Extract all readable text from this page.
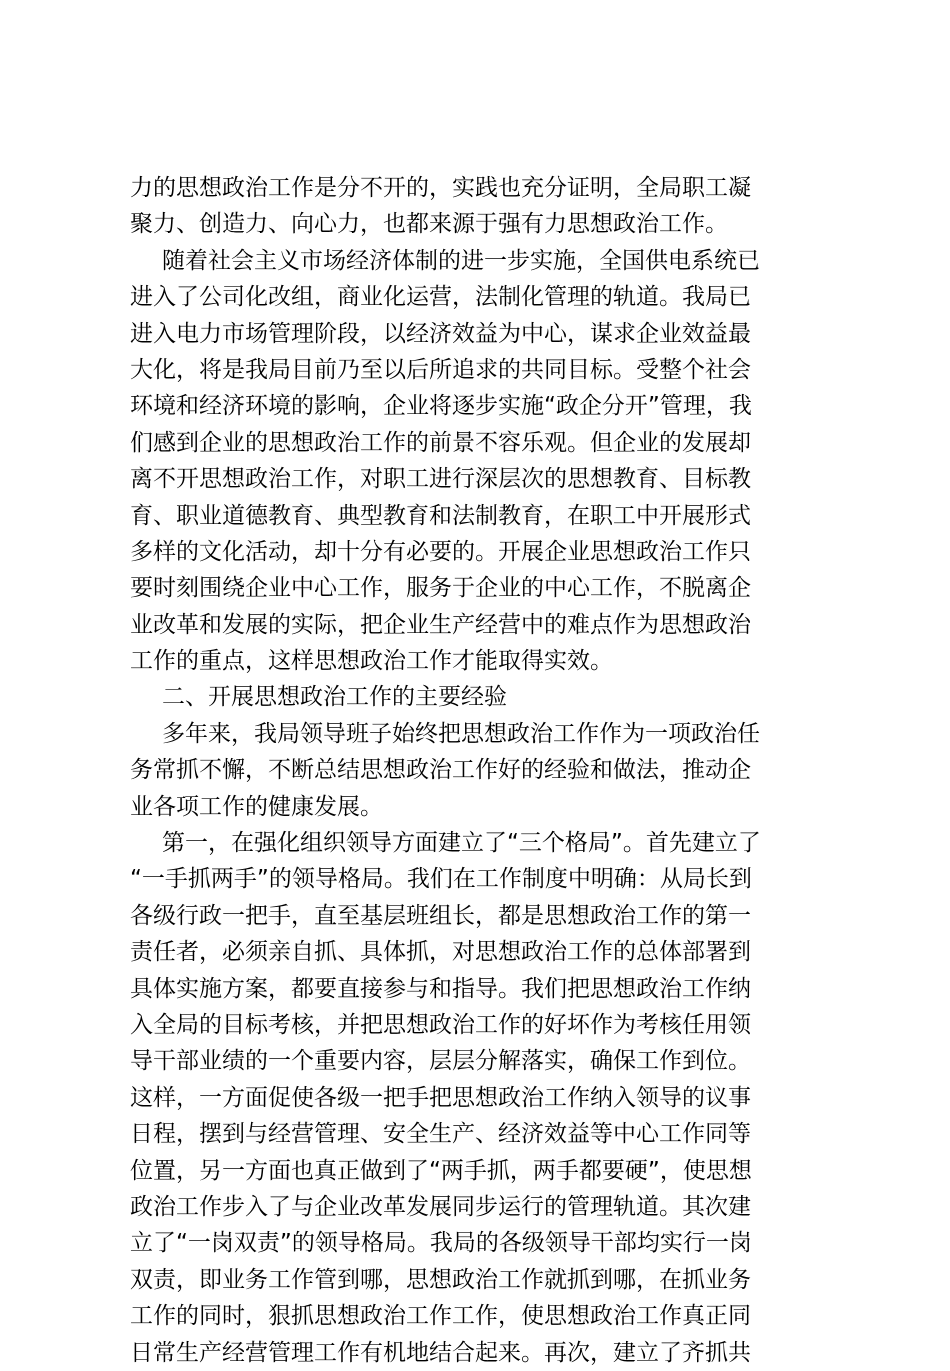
力的思想政治工作是分不开的，实践也充分证明，全局职工凝
聚力、创造力、向心力，也都来源于强有力思想政治工作。
随着社会主义市场经济体制的进一步实施，全国供电系统已
进入了公司化改组，商业化运营，法制化管理的轨道。我局已
进入电力市场管理阶段，以经济效益为中心，谋求企业效益最
大化，将是我局目前乃至以后所追求的共同目标。受整个社会
环境和经济环境的影响，企业将逐步实施“政企分开”管理，我
们感到企业的思想政治工作的前景不容乐观。但企业的发展却
离不开思想政治工作，对职工进行深层次的思想教育、目标教
育、职业道德教育、典型教育和法制教育，在职工中开展形式
多样的文化活动，却十分有必要的。开展企业思想政治工作只
要时刻围绕企业中心工作，服务于企业的中心工作，不脱离企
业改革和发展的实际，把企业生产经营中的难点作为思想政治
工作的重点，这样思想政治工作才能取得实效。
二、开展思想政治工作的主要经验
多年来，我局领导班子始终把思想政治工作作为一项政治任
务常抓不懈，不断总结思想政治工作好的经验和做法，推动企
业各项工作的健康发展。
第一，在强化组织领导方面建立了“三个格局”。首先建立了
“一手抓两手”的领导格局。我们在工作制度中明确：从局长到
各级行政一把手，直至基层班组长，都是思想政治工作的第一
责任者，必须亲自抓、具体抓，对思想政治工作的总体部署到
具体实施方案，都要直接参与和指导。我们把思想政治工作纳
入全局的目标考核，并把思想政治工作的好坏作为考核任用领
导干部业绩的一个重要内容，层层分解落实，确保工作到位。
这样，一方面促使各级一把手把思想政治工作纳入领导的议事
日程，摆到与经营管理、安全生产、经济效益等中心工作同等
位置，另一方面也真正做到了“两手抓，两手都要硬”，使思想
政治工作步入了与企业改革发展同步运行的管理轨道。其次建
立了“一岗双责”的领导格局。我局的各级领导干部均实行一岗
双责，即业务工作管到哪，思想政治工作就抓到哪，在抓业务
工作的同时，狠抓思想政治工作工作，使思想政治工作真正同
日常生产经营管理工作有机地结合起来。再次，建立了齐抓共
